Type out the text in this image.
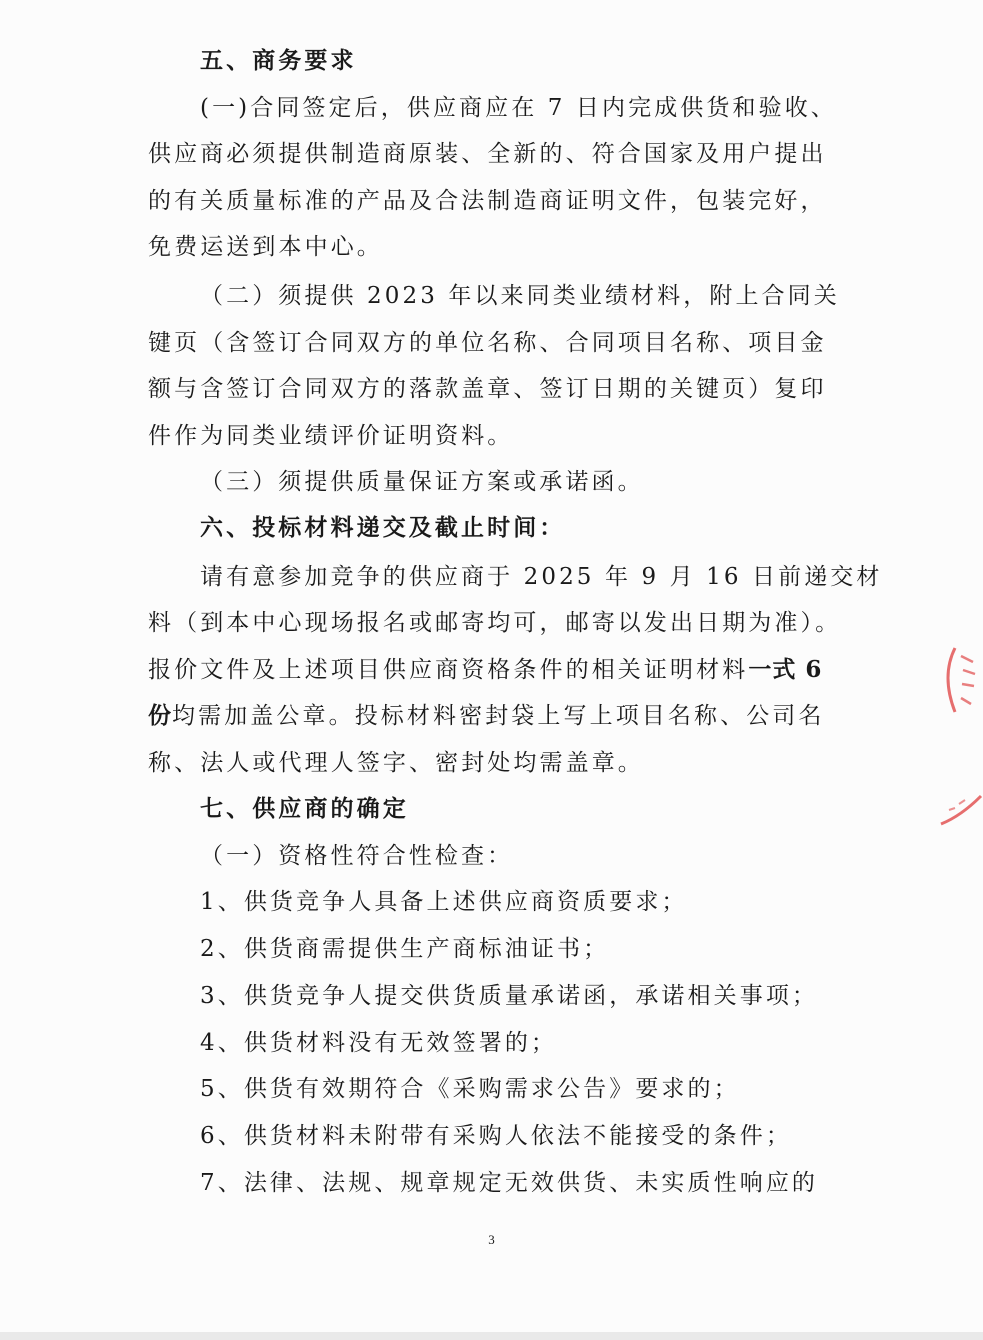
五、商务要求
(一)合同签定后，供应商应在 7 日内完成供货和验收、
供应商必须提供制造商原装、全新的、符合国家及用户提出
的有关质量标准的产品及合法制造商证明文件，包装完好，
免费运送到本中心。
（二）须提供 2023 年以来同类业绩材料，附上合同关
键页（含签订合同双方的单位名称、合同项目名称、项目金
额与含签订合同双方的落款盖章、签订日期的关键页）复印
件作为同类业绩评价证明资料。
（三）须提供质量保证方案或承诺函。
六、投标材料递交及截止时间：
请有意参加竞争的供应商于 2025 年 9 月 16 日前递交材
料（到本中心现场报名或邮寄均可，邮寄以发出日期为准）。
报价文件及上述项目供应商资格条件的相关证明材料一式 6
份均需加盖公章。投标材料密封袋上写上项目名称、公司名
称、法人或代理人签字、密封处均需盖章。
七、供应商的确定
（一）资格性符合性检查：
1、供货竞争人具备上述供应商资质要求；
2、供货商需提供生产商标油证书；
3、供货竞争人提交供货质量承诺函，承诺相关事项；
4、供货材料没有无效签署的；
5、供货有效期符合《采购需求公告》要求的；
6、供货材料未附带有采购人依法不能接受的条件；
7、法律、法规、规章规定无效供货、未实质性响应的
3
